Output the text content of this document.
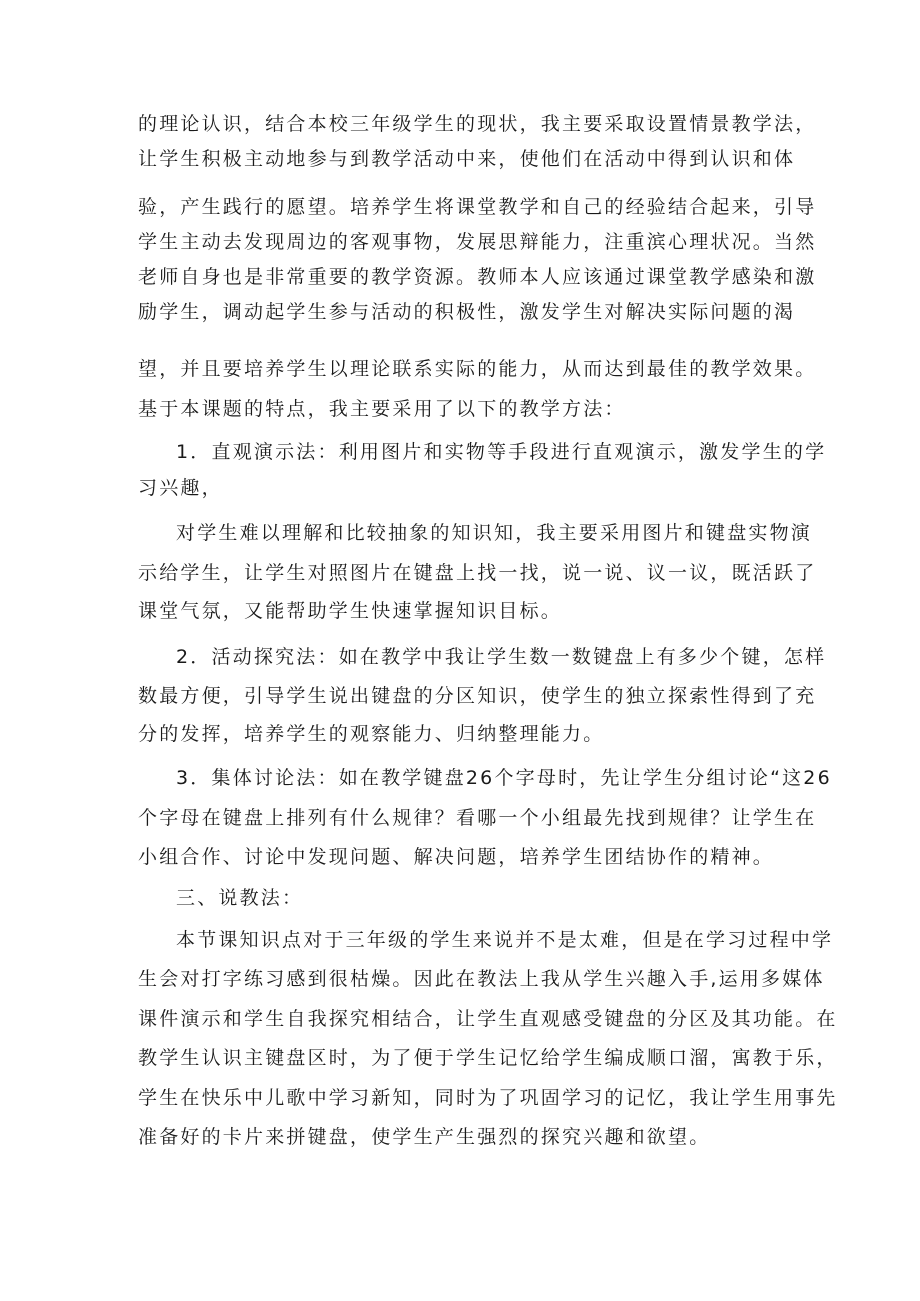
的理论认识，结合本校三年级学生的现状，我主要采取设置情景教学法，
让学生积极主动地参与到教学活动中来，使他们在活动中得到认识和体
验，产生践行的愿望。培养学生将课堂教学和自己的经验结合起来，引导
学生主动去发现周边的客观事物，发展思辩能力，注重滨心理状况。当然
老师自身也是非常重要的教学资源。教师本人应该通过课堂教学感染和激
励学生，调动起学生参与活动的积极性，激发学生对解决实际问题的渴
望，并且要培养学生以理论联系实际的能力，从而达到最佳的教学效果。
基于本课题的特点，我主要采用了以下的教学方法：
1．直观演示法：利用图片和实物等手段进行直观演示，激发学生的学
习兴趣，
对学生难以理解和比较抽象的知识知，我主要采用图片和键盘实物演
示给学生，让学生对照图片在键盘上找一找，说一说、议一议，既活跃了
课堂气氛，又能帮助学生快速掌握知识目标。
2．活动探究法：如在教学中我让学生数一数键盘上有多少个键，怎样
数最方便，引导学生说出键盘的分区知识，使学生的独立探索性得到了充
分的发挥，培养学生的观察能力、归纳整理能力。
3．集体讨论法：如在教学键盘26个字母时，先让学生分组讨论“这26
个字母在键盘上排列有什么规律？看哪一个小组最先找到规律？让学生在
小组合作、讨论中发现问题、解决问题，培养学生团结协作的精神。
三、说教法：
本节课知识点对于三年级的学生来说并不是太难，但是在学习过程中学
生会对打字练习感到很枯燥。因此在教法上我从学生兴趣入手,运用多媒体
课件演示和学生自我探究相结合，让学生直观感受键盘的分区及其功能。在
教学生认识主键盘区时，为了便于学生记忆给学生编成顺口溜，寓教于乐，
学生在快乐中儿歌中学习新知，同时为了巩固学习的记忆，我让学生用事先
准备好的卡片来拼键盘，使学生产生强烈的探究兴趣和欲望。
